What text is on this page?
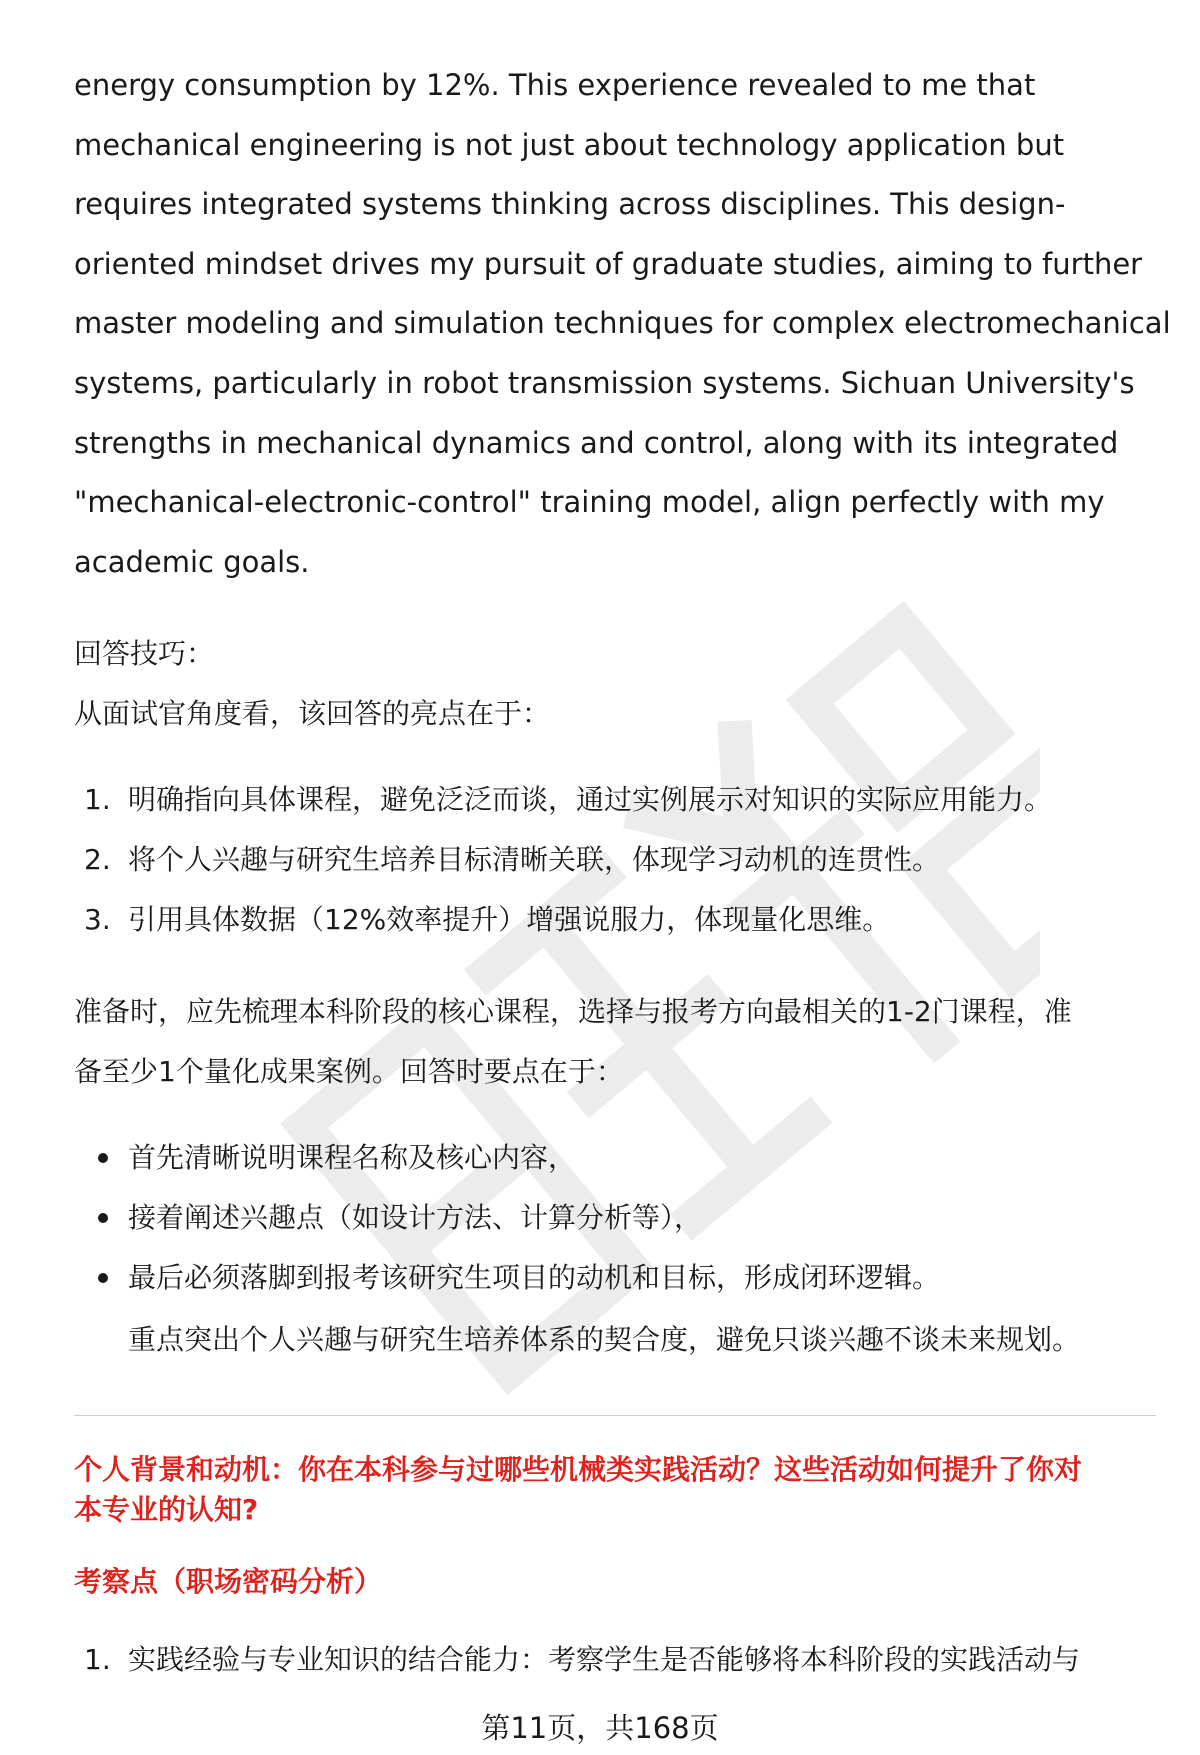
energy consumption by 12%. This experience revealed to me that
mechanical engineering is not just about technology application but
requires integrated systems thinking across disciplines. This design-
oriented mindset drives my pursuit of graduate studies, aiming to further
master modeling and simulation techniques for complex electromechanical
systems, particularly in robot transmission systems. Sichuan University's
strengths in mechanical dynamics and control, along with its integrated
"mechanical-electronic-control" training model, align perfectly with my
academic goals.

回答技巧：

从面试官角度看，该回答的亮点在于：

1. 明确指向具体课程，避免泛泛而谈，通过实例展示对知识的实际应用能力。
2. 将个人兴趣与研究生培养目标清晰关联，体现学习动机的连贯性。
3. 引用具体数据（12%效率提升）增强说服力，体现量化思维。

准备时，应先梳理本科阶段的核心课程，选择与报考方向最相关的1-2门课程，准

备至少1个量化成果案例。回答时要点在于：

首先清晰说明课程名称及核心内容，
接着阐述兴趣点（如设计方法、计算分析等），
最后必须落脚到报考该研究生项目的动机和目标，形成闭环逻辑。

重点突出个人兴趣与研究生培养体系的契合度，避免只谈兴趣不谈未来规划。

个人背景和动机：你在本科参与过哪些机械类实践活动？这些活动如何提升了你对
本专业的认知?

考察点（职场密码分析）

1. 实践经验与专业知识的结合能力：考察学生是否能够将本科阶段的实践活动与
第11页，共168页
